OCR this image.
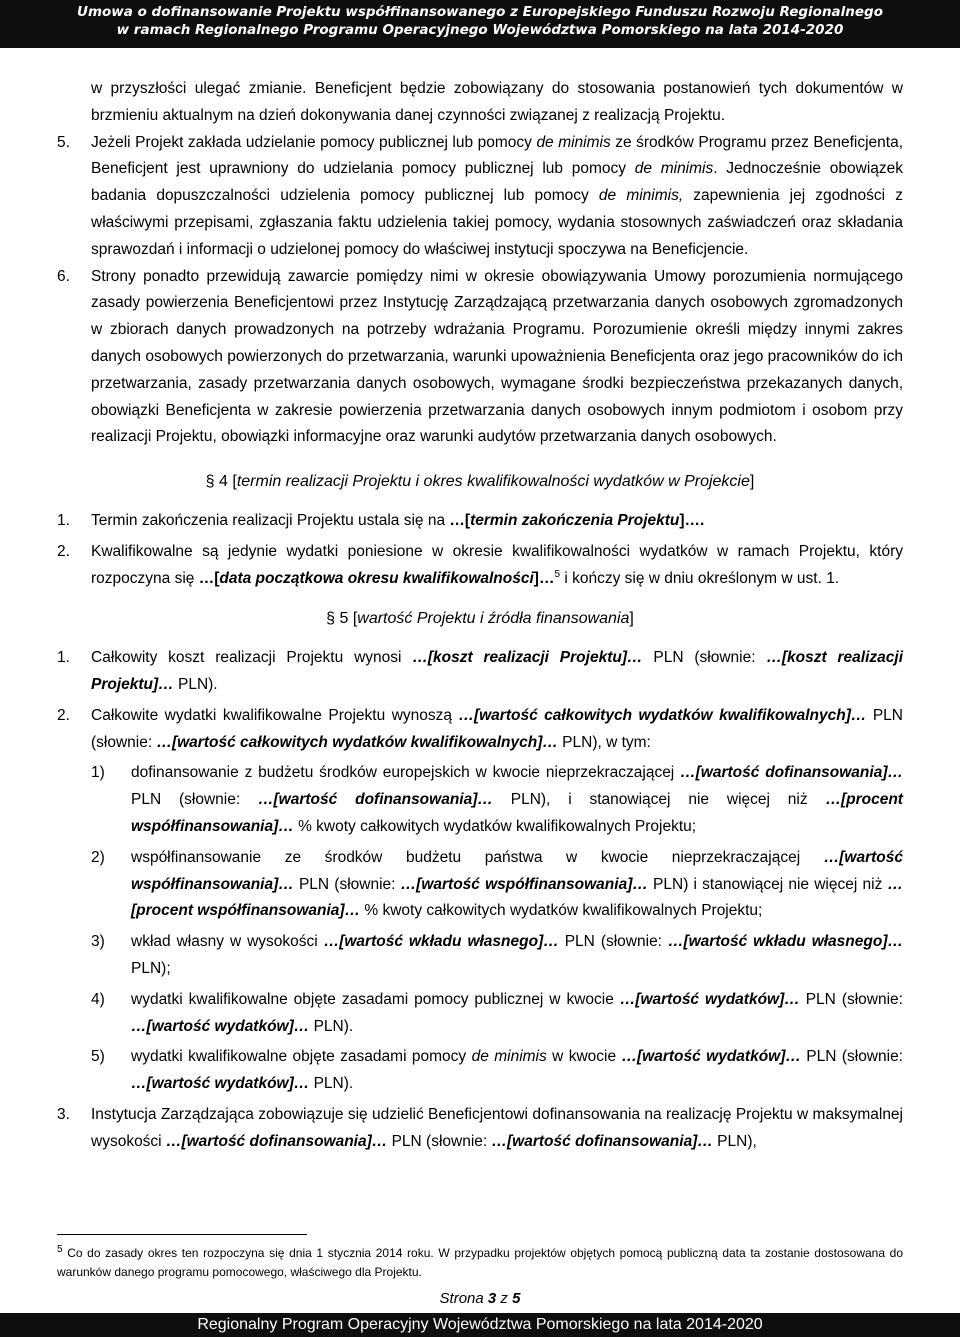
Umowa o dofinansowanie Projektu współfinansowanego z Europejskiego Funduszu Rozwoju Regionalnego
w ramach Regionalnego Programu Operacyjnego Województwa Pomorskiego na lata 2014-2020
w przyszłości ulegać zmianie. Beneficjent będzie zobowiązany do stosowania postanowień tych dokumentów w brzmieniu aktualnym na dzień dokonywania danej czynności związanej z realizacją Projektu.
5.	Jeżeli Projekt zakłada udzielanie pomocy publicznej lub pomocy de minimis ze środków Programu przez Beneficjenta, Beneficjent jest uprawniony do udzielania pomocy publicznej lub pomocy de minimis. Jednocześnie obowiązek badania dopuszczalności udzielenia pomocy publicznej lub pomocy de minimis, zapewnienia jej zgodności z właściwymi przepisami, zgłaszania faktu udzielenia takiej pomocy, wydania stosownych zaświadczeń oraz składania sprawozdań i informacji o udzielonej pomocy do właściwej instytucji spoczywa na Beneficjencie.
6.	Strony ponadto przewidują zawarcie pomiędzy nimi w okresie obowiązywania Umowy porozumienia normującego zasady powierzenia Beneficjentowi przez Instytucję Zarządzającą przetwarzania danych osobowych zgromadzonych w zbiorach danych prowadzonych na potrzeby wdrażania Programu. Porozumienie określi między innymi zakres danych osobowych powierzonych do przetwarzania, warunki upoważnienia Beneficjenta oraz jego pracowników do ich przetwarzania, zasady przetwarzania danych osobowych, wymagane środki bezpieczeństwa przekazanych danych, obowiązki Beneficjenta w zakresie powierzenia przetwarzania danych osobowych innym podmiotom i osobom przy realizacji Projektu, obowiązki informacyjne oraz warunki audytów przetwarzania danych osobowych.
§ 4 [termin realizacji Projektu i okres kwalifikowalności wydatków w Projekcie]
1.	Termin zakończenia realizacji Projektu ustala się na …[termin zakończenia Projektu]….
2.	Kwalifikowalne są jedynie wydatki poniesione w okresie kwalifikowalności wydatków w ramach Projektu, który rozpoczyna się …[data początkowa okresu kwalifikowalności]…$^5$ i kończy się w dniu określonym w ust. 1.
§ 5 [wartość Projektu i źródła finansowania]
1.	Całkowity koszt realizacji Projektu wynosi …[koszt realizacji Projektu]… PLN (słownie: …[koszt realizacji Projektu]… PLN).
2.	Całkowite wydatki kwalifikowalne Projektu wynoszą …[wartość całkowitych wydatków kwalifikowalnych]… PLN (słownie: …[wartość całkowitych wydatków kwalifikowalnych]… PLN), w tym:
1)	dofinansowanie z budżetu środków europejskich w kwocie nieprzekraczającej …[wartość dofinansowania]… PLN (słownie: …[wartość dofinansowania]… PLN), i stanowiącej nie więcej niż …[procent współfinansowania]… % kwoty całkowitych wydatków kwalifikowalnych Projektu;
2)	współfinansowanie ze środków budżetu państwa w kwocie nieprzekraczającej …[wartość współfinansowania]… PLN (słownie: …[wartość współfinansowania]… PLN) i stanowiącej nie więcej niż …[procent współfinansowania]… % kwoty całkowitych wydatków kwalifikowalnych Projektu;
3)	wkład własny w wysokości …[wartość wkładu własnego]… PLN (słownie: …[wartość wkładu własnego]… PLN);
4)	wydatki kwalifikowalne objęte zasadami pomocy publicznej w kwocie …[wartość wydatków]… PLN (słownie: …[wartość wydatków]… PLN).
5)	wydatki kwalifikowalne objęte zasadami pomocy de minimis w kwocie …[wartość wydatków]… PLN (słownie: …[wartość wydatków]… PLN).
3.	Instytucja Zarządzająca zobowiązuje się udzielić Beneficjentowi dofinansowania na realizację Projektu w maksymalnej wysokości …[wartość dofinansowania]… PLN (słownie: …[wartość dofinansowania]… PLN),
$^5$ Co do zasady okres ten rozpoczyna się dnia 1 stycznia 2014 roku. W przypadku projektów objętych pomocą publiczną data ta zostanie dostosowana do warunków danego programu pomocowego, właściwego dla Projektu.
Strona 3 z 5
Regionalny Program Operacyjny Województwa Pomorskiego na lata 2014-2020
